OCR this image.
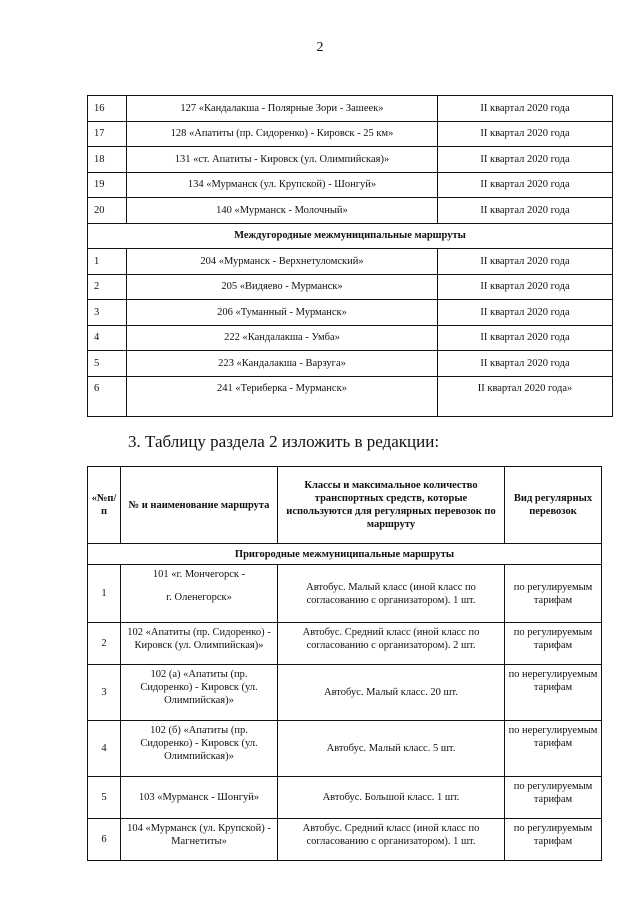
2
16	127 «Кандалакша - Полярные Зори - Зашеек»	II квартал 2020 года
17	128 «Апатиты (пр. Сидоренко) - Кировск - 25 км»	II квартал 2020 года
18	131 «ст. Апатиты - Кировск (ул. Олимпийская)»	II квартал 2020 года
19	134 «Мурманск (ул. Крупской) - Шонгуй»	II квартал 2020 года
20	140 «Мурманск - Молочный»	II квартал 2020 года
Междугородные межмуниципальные маршруты		
1	204 «Мурманск - Верхнетуломский»	II квартал 2020 года
2	205 «Видяево - Мурманск»	II квартал 2020 года
3	206 «Туманный - Мурманск»	II квартал 2020 года
4	222 «Кандалакша - Умба»	II квартал 2020 года
5	223 «Кандалакша - Варзуга»	II квартал 2020 года
6	241 «Териберка - Мурманск»	II квартал 2020 года»
3. Таблицу раздела 2 изложить в редакции:
«№п/п	№ и наименование маршрута	Классы и максимальное количество транспортных средств, которые используются для регулярных перевозок по маршруту	Вид регулярных перевозок
Пригородные межмуниципальные маршруты			
1	101 «г. Мончегорск -
г. Оленегорск»	Автобус. Малый класс (иной класс по согласованию с организатором). 1 шт.	по регулируемым тарифам
2	102 «Апатиты (пр. Сидоренко) - Кировск (ул. Олимпийская)»	Автобус. Средний класс (иной класс по согласованию с организатором). 2 шт.	по регулируемым тарифам
3	102 (а) «Апатиты (пр. Сидоренко) - Кировск (ул. Олимпийская)»	Автобус. Малый класс. 20 шт.	по нерегулируемым тарифам
4	102 (б) «Апатиты (пр. Сидоренко) - Кировск (ул. Олимпийская)»	Автобус. Малый класс. 5 шт.	по нерегулируемым тарифам
5	103 «Мурманск - Шонгуй»	Автобус. Большой класс. 1 шт.	по регулируемым тарифам
6	104 «Мурманск (ул. Крупской) - Магнетиты»	Автобус. Средний класс (иной класс по согласованию с организатором). 1 шт.	по регулируемым тарифам
